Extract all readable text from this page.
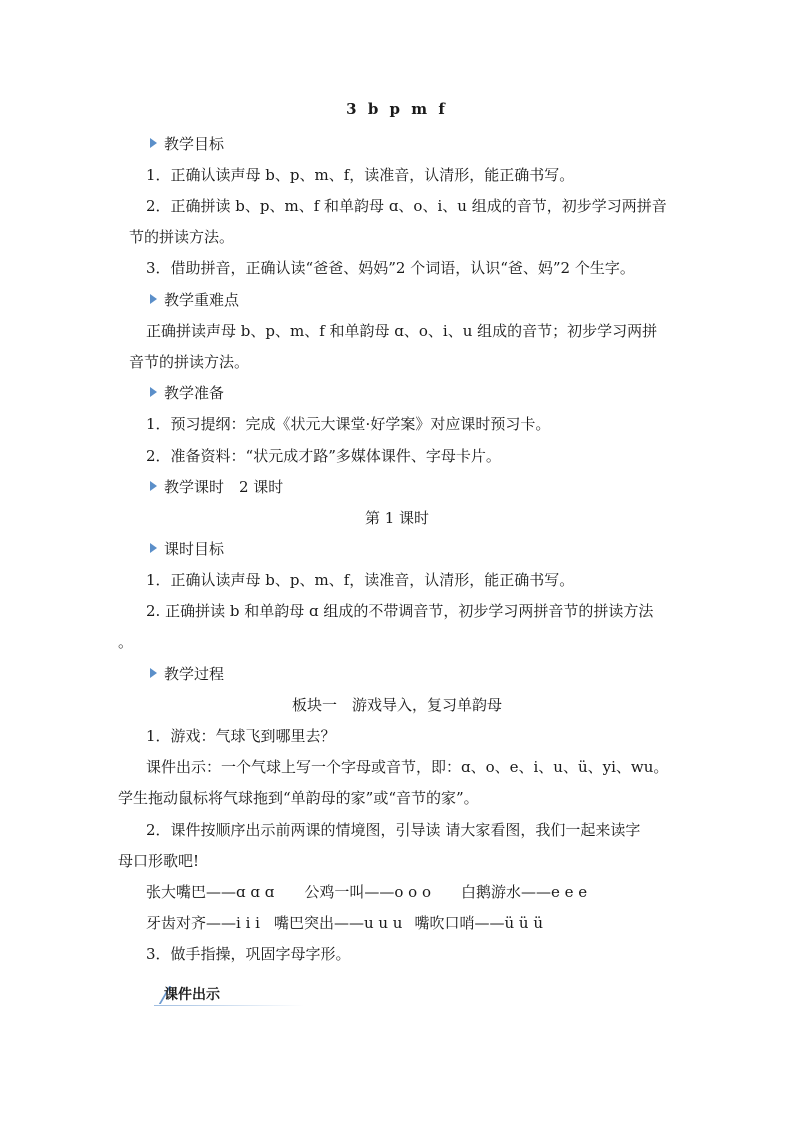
3 b p m f
教学目标
1．正确认读声母 b、p、m、f，读准音，认清形，能正确书写。
2．正确拼读 b、p、m、f 和单韵母 ɑ、o、i、u 组成的音节，初步学习两拼音
节的拼读方法。
3．借助拼音，正确认读“爸爸、妈妈”2 个词语，认识“爸、妈”2 个生字。
教学重难点
正确拼读声母 b、p、m、f 和单韵母 ɑ、o、i、u 组成的音节；初步学习两拼
音节的拼读方法。
教学准备
1．预习提纲：完成《状元大课堂·好学案》对应课时预习卡。
2．准备资料：“状元成才路”多媒体课件、字母卡片。
教学课时　2 课时
第 1 课时
课时目标
1．正确认读声母 b、p、m、f，读准音，认清形，能正确书写。
2. 正确拼读 b 和单韵母 ɑ 组成的不带调音节，初步学习两拼音节的拼读方法
。
教学过程
板块一　游戏导入，复习单韵母
1．游戏：气球飞到哪里去？
课件出示：一个气球上写一个字母或音节，即：ɑ、o、e、i、u、ü、yi、wu。
学生拖动鼠标将气球拖到“单韵母的家”或“音节的家”。
2．课件按顺序出示前两课的情境图，引导读 请大家看图，我们一起来读字
母口形歌吧!
张大嘴巴——ɑ ɑ ɑ 公鸡一叫——o o o 白鹅游水——e e e
牙齿对齐——i i i 嘴巴突出——u u u 嘴吹口哨——ü ü ü
3．做手指操，巩固字母字形。
课件出示
